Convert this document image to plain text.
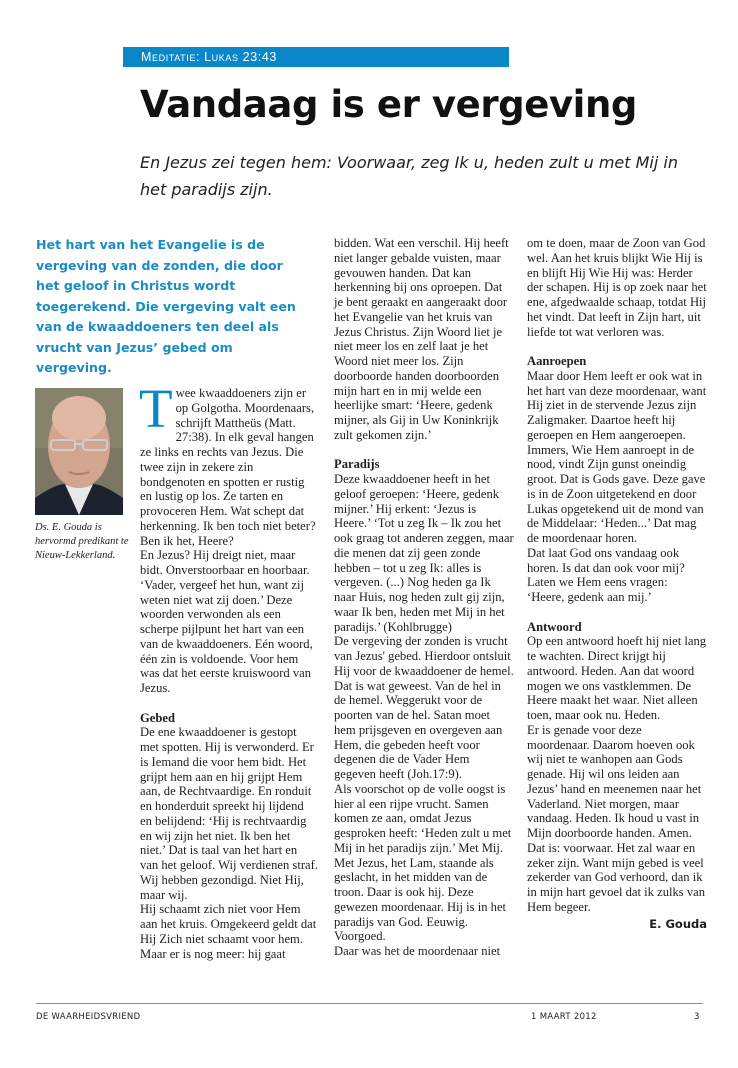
Meditatie: Lukas 23:43
Vandaag is er vergeving
En Jezus zei tegen hem: Voorwaar, zeg Ik u, heden zult u met Mij in het paradijs zijn.
Het hart van het Evangelie is de vergeving van de zonden, die door het geloof in Christus wordt toegerekend. Die vergeving valt een van de kwaaddoeners ten deel als vrucht van Jezus’ gebed om vergeving.
Ds. E. Gouda is hervormd predikant te Nieuw-Lekkerland.

Twee kwaaddoeners zijn er op Golgotha. Moordenaars, schrijft Mattheüs (Matt. 27:38). In elk geval hangen ze links en rechts van Jezus. Die twee zijn in zekere zin bondgenoten en spotten er rustig en lustig op los. Ze tarten en provoceren Hem. Wat schept dat herkenning. Ik ben toch niet beter? Ben ik het, Heere?

En Jezus? Hij dreigt niet, maar bidt. Onverstoorbaar en hoorbaar. ‘Vader, vergeef het hun, want zij weten niet wat zij doen.’ Deze woorden verwonden als een scherpe pijlpunt het hart van een van de kwaaddoeners. Eén woord, één zin is voldoende. Voor hem was dat het eerste kruiswoord van Jezus.

Gebed

De ene kwaaddoener is gestopt met spotten. Hij is verwonderd. Er is Iemand die voor hem bidt. Het grijpt hem aan en hij grijpt Hem aan, de Rechtvaardige. En ronduit en honderduit spreekt hij lijdend en belijdend: ‘Hij is rechtvaardig en wij zijn het niet. Ik ben het niet.’ Dat is taal van het hart en van het geloof. Wij verdienen straf. Wij hebben gezondigd. Niet Hij, maar wij.

Hij schaamt zich niet voor Hem aan het kruis. Omgekeerd geldt dat Hij Zich niet schaamt voor hem. Maar er is nog meer: hij gaat

bidden. Wat een verschil. Hij heeft niet langer gebalde vuisten, maar gevouwen handen. Dat kan herkenning bij ons oproepen. Dat je bent geraakt en aangeraakt door het Evangelie van het kruis van Jezus Christus. Zijn Woord liet je niet meer los en zelf laat je het Woord niet meer los. Zijn doorboorde handen doorboorden mijn hart en in mij welde een heerlijke smart: ‘Heere, gedenk mijner, als Gij in Uw Koninkrijk zult gekomen zijn.’

Paradijs

Deze kwaaddoener heeft in het geloof geroepen: ‘Heere, gedenk mijner.’ Hij erkent: ‘Jezus is Heere.’ ‘Tot u zeg Ik – Ik zou het ook graag tot anderen zeggen, maar die menen dat zij geen zonde hebben – tot u zeg Ik: alles is vergeven. (...) Nog heden ga Ik naar Huis, nog heden zult gij zijn, waar Ik ben, heden met Mij in het paradijs.’ (Kohlbrugge)

De vergeving der zonden is vrucht van Jezus' gebed. Hierdoor ontsluit Hij voor de kwaaddoener de hemel. Dat is wat geweest. Van de hel in de hemel. Weggerukt voor de poorten van de hel. Satan moet hem prijsgeven en overgeven aan Hem, die gebeden heeft voor degenen die de Vader Hem gegeven heeft (Joh.17:9).

Als voorschot op de volle oogst is hier al een rijpe vrucht. Samen komen ze aan, omdat Jezus gesproken heeft: ‘Heden zult u met Mij in het paradijs zijn.’ Met Mij. Met Jezus, het Lam, staande als geslacht, in het midden van de troon. Daar is ook hij. Deze gewezen moordenaar. Hij is in het paradijs van God. Eeuwig. Voorgoed.

Daar was het de moordenaar niet

om te doen, maar de Zoon van God wel. Aan het kruis blijkt Wie Hij is en blijft Hij Wie Hij was: Herder der schapen. Hij is op zoek naar het ene, afgedwaalde schaap, totdat Hij het vindt. Dat leeft in Zijn hart, uit liefde tot wat verloren was.

Aanroepen

Maar door Hem leeft er ook wat in het hart van deze moordenaar, want Hij ziet in de stervende Jezus zijn Zaligmaker. Daartoe heeft hij geroepen en Hem aangeroepen. Immers, Wie Hem aanroept in de nood, vindt Zijn gunst oneindig groot. Dat is Gods gave. Deze gave is in de Zoon uitgetekend en door Lukas opgetekend uit de mond van de Middelaar: ‘Heden...’ Dat mag de moordenaar horen.

Dat laat God ons vandaag ook horen. Is dat dan ook voor mij? Laten we Hem eens vragen: ‘Heere, gedenk aan mij.’

Antwoord

Op een antwoord hoeft hij niet lang te wachten. Direct krijgt hij antwoord. Heden. Aan dat woord mogen we ons vastklemmen. De Heere maakt het waar. Niet alleen toen, maar ook nu. Heden.

Er is genade voor deze moordenaar. Daarom hoeven ook wij niet te wanhopen aan Gods genade. Hij wil ons leiden aan Jezus’ hand en meenemen naar het Vaderland. Niet morgen, maar vandaag. Heden. Ik houd u vast in Mijn doorboorde handen. Amen. Dat is: voorwaar. Het zal waar en zeker zijn. Want mijn gebed is veel zekerder van God verhoord, dan ik in mijn hart gevoel dat ik zulks van Hem begeer.

E. Gouda
DE WAARHEIDSVRIEND	1 MAART 2012	3
